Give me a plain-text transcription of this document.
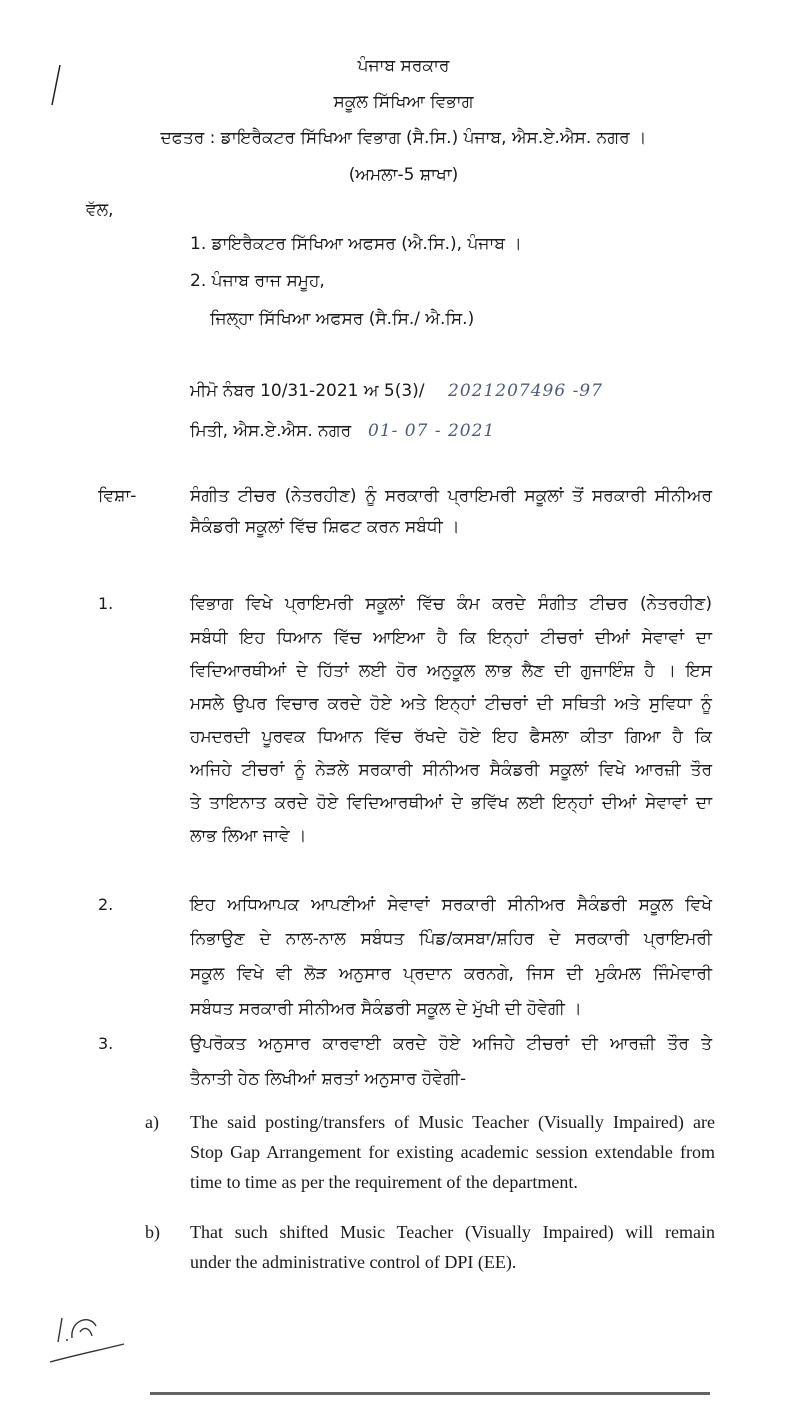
ਪੰਜਾਬ ਸਰਕਾਰ
ਸਕੂਲ ਸਿੱਖਿਆ ਵਿਭਾਗ
ਦਫਤਰ : ਡਾਇਰੈਕਟਰ ਸਿੱਖਿਆ ਵਿਭਾਗ (ਸੈ.ਸਿ.) ਪੰਜਾਬ, ਐਸ.ਏ.ਐਸ. ਨਗਰ ।
(ਅਮਲਾ-5 ਸ਼ਾਖਾ)
ਵੱਲ,
1. ਡਾਇਰੈਕਟਰ ਸਿੱਖਿਆ ਅਫਸਰ (ਐ.ਸਿ.), ਪੰਜਾਬ ।
2. ਪੰਜਾਬ ਰਾਜ ਸਮੂਹ,
ਜਿਲ੍ਹਾ ਸਿੱਖਿਆ ਅਫਸਰ (ਸੈ.ਸਿ./ ਐ.ਸਿ.)
ਮੀਮੋ ਨੰਬਰ 10/31-2021 ਅ 5(3)/ 2021207496 -97
ਮਿਤੀ, ਐਸ.ਏ.ਐਸ. ਨਗਰ 01- 07 - 2021
ਵਿਸ਼ਾ-	ਸੰਗੀਤ ਟੀਚਰ (ਨੇਤਰਹੀਣ) ਨੂੰ ਸਰਕਾਰੀ ਪ੍ਰਾਇਮਰੀ ਸਕੂਲਾਂ ਤੋਂ ਸਰਕਾਰੀ ਸੀਨੀਅਰ
ਸੈਕੰਡਰੀ ਸਕੂਲਾਂ ਵਿੱਚ ਸ਼ਿਫਟ ਕਰਨ ਸਬੰਧੀ ।
1.	ਵਿਭਾਗ ਵਿਖੇ ਪ੍ਰਾਇਮਰੀ ਸਕੂਲਾਂ ਵਿੱਚ ਕੰਮ ਕਰਦੇ ਸੰਗੀਤ ਟੀਚਰ (ਨੇਤਰਹੀਣ)
ਸਬੰਧੀ ਇਹ ਧਿਆਨ ਵਿੱਚ ਆਇਆ ਹੈ ਕਿ ਇਨ੍ਹਾਂ ਟੀਚਰਾਂ ਦੀਆਂ ਸੇਵਾਵਾਂ ਦਾ
ਵਿਦਿਆਰਥੀਆਂ ਦੇ ਹਿੱਤਾਂ ਲਈ ਹੋਰ ਅਨੁਕੂਲ ਲਾਭ ਲੈਣ ਦੀ ਗੁਜਾਇੰਸ਼ ਹੈ । ਇਸ
ਮਸਲੇ ਉਪਰ ਵਿਚਾਰ ਕਰਦੇ ਹੋਏ ਅਤੇ ਇਨ੍ਹਾਂ ਟੀਚਰਾਂ ਦੀ ਸਥਿਤੀ ਅਤੇ ਸੁਵਿਧਾ ਨੂੰ
ਹਮਦਰਦੀ ਪੂਰਵਕ ਧਿਆਨ ਵਿੱਚ ਰੱਖਦੇ ਹੋਏ ਇਹ ਫੈਸਲਾ ਕੀਤਾ ਗਿਆ ਹੈ ਕਿ
ਅਜਿਹੇ ਟੀਚਰਾਂ ਨੂੰ ਨੇੜਲੇ ਸਰਕਾਰੀ ਸੀਨੀਅਰ ਸੈਕੰਡਰੀ ਸਕੂਲਾਂ ਵਿਖੇ ਆਰਜ਼ੀ ਤੌਰ
ਤੇ ਤਾਇਨਾਤ ਕਰਦੇ ਹੋਏ ਵਿਦਿਆਰਥੀਆਂ ਦੇ ਭਵਿੱਖ ਲਈ ਇਨ੍ਹਾਂ ਦੀਆਂ ਸੇਵਾਵਾਂ ਦਾ
ਲਾਭ ਲਿਆ ਜਾਵੇ ।
2.	ਇਹ ਅਧਿਆਪਕ ਆਪਣੀਆਂ ਸੇਵਾਵਾਂ ਸਰਕਾਰੀ ਸੀਨੀਅਰ ਸੈਕੰਡਰੀ ਸਕੂਲ ਵਿਖੇ
ਨਿਭਾਉਣ ਦੇ ਨਾਲ-ਨਾਲ ਸਬੰਧਤ ਪਿੰਡ/ਕਸਬਾ/ਸ਼ਹਿਰ ਦੇ ਸਰਕਾਰੀ ਪ੍ਰਾਇਮਰੀ
ਸਕੂਲ ਵਿਖੇ ਵੀ ਲੋੜ ਅਨੁਸਾਰ ਪ੍ਰਦਾਨ ਕਰਨਗੇ, ਜਿਸ ਦੀ ਮੁਕੰਮਲ ਜਿੰਮੇਵਾਰੀ
ਸਬੰਧਤ ਸਰਕਾਰੀ ਸੀਨੀਅਰ ਸੈਕੰਡਰੀ ਸਕੂਲ ਦੇ ਮੁੱਖੀ ਦੀ ਹੋਵੇਗੀ ।
3.	ਉਪਰੋਕਤ ਅਨੁਸਾਰ ਕਾਰਵਾਈ ਕਰਦੇ ਹੋਏ ਅਜਿਹੇ ਟੀਚਰਾਂ ਦੀ ਆਰਜ਼ੀ ਤੌਰ ਤੇ
ਤੈਨਾਤੀ ਹੇਠ ਲਿਖੀਆਂ ਸ਼ਰਤਾਂ ਅਨੁਸਾਰ ਹੋਵੇਗੀ-
a) The said posting/transfers of Music Teacher (Visually Impaired) are
Stop Gap Arrangement for existing academic session extendable from
time to time as per the requirement of the department.
b) That such shifted Music Teacher (Visually Impaired) will remain
under the administrative control of DPI (EE).
